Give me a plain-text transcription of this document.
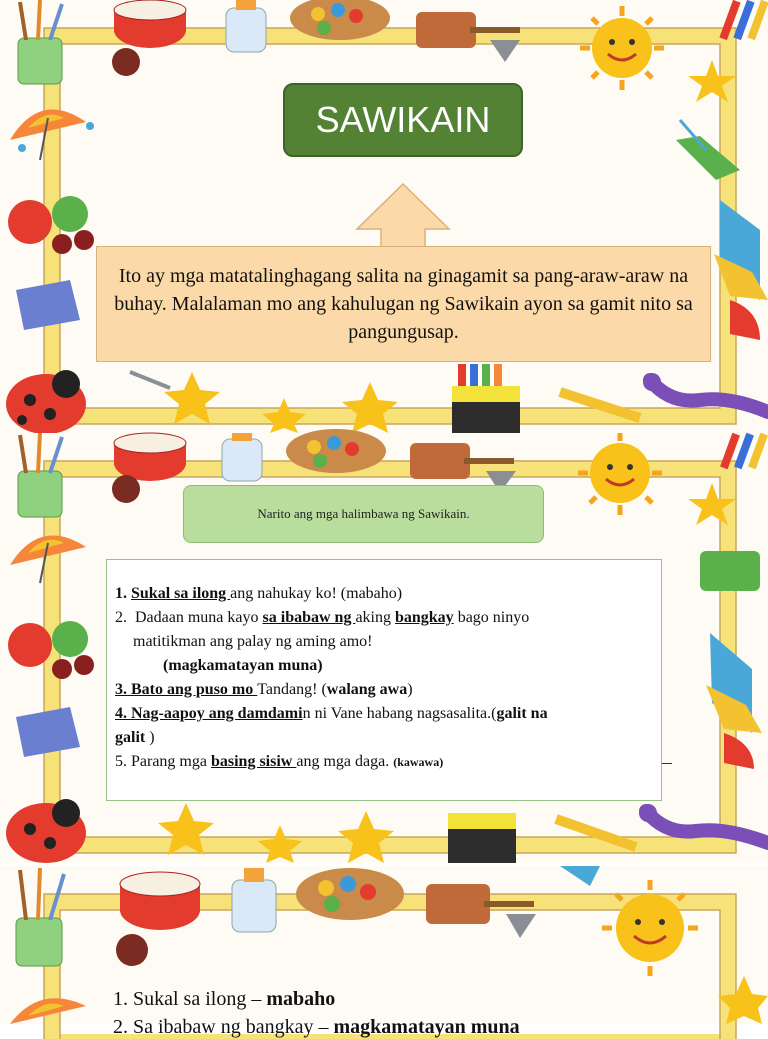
SAWIKAIN
Ito ay mga matatalinghagang salita na ginagamit sa pang-araw-araw na buhay. Malalaman mo ang kahulugan ng Sawikain ayon sa gamit nito sa pangungusap.
Narito ang mga halimbawa ng Sawikain.
1. Sukal sa ilong ang nahukay ko! (mabaho)
2. Dadaan muna kayo sa ibabaw ng aking bangkay bago ninyo
matitikman ang palay ng aming amo!
(magkamatayan muna)
3. Bato ang puso mo Tandang! (walang awa)
4. Nag-aapoy ang damdamin ni Vane habang nagsasalita.(galit na
galit )
5. Parang mga basing sisiw ang mga daga. (kawawa)
1. Sukal sa ilong – mabaho
2. Sa ibabaw ng bangkay – magkamatayan muna
